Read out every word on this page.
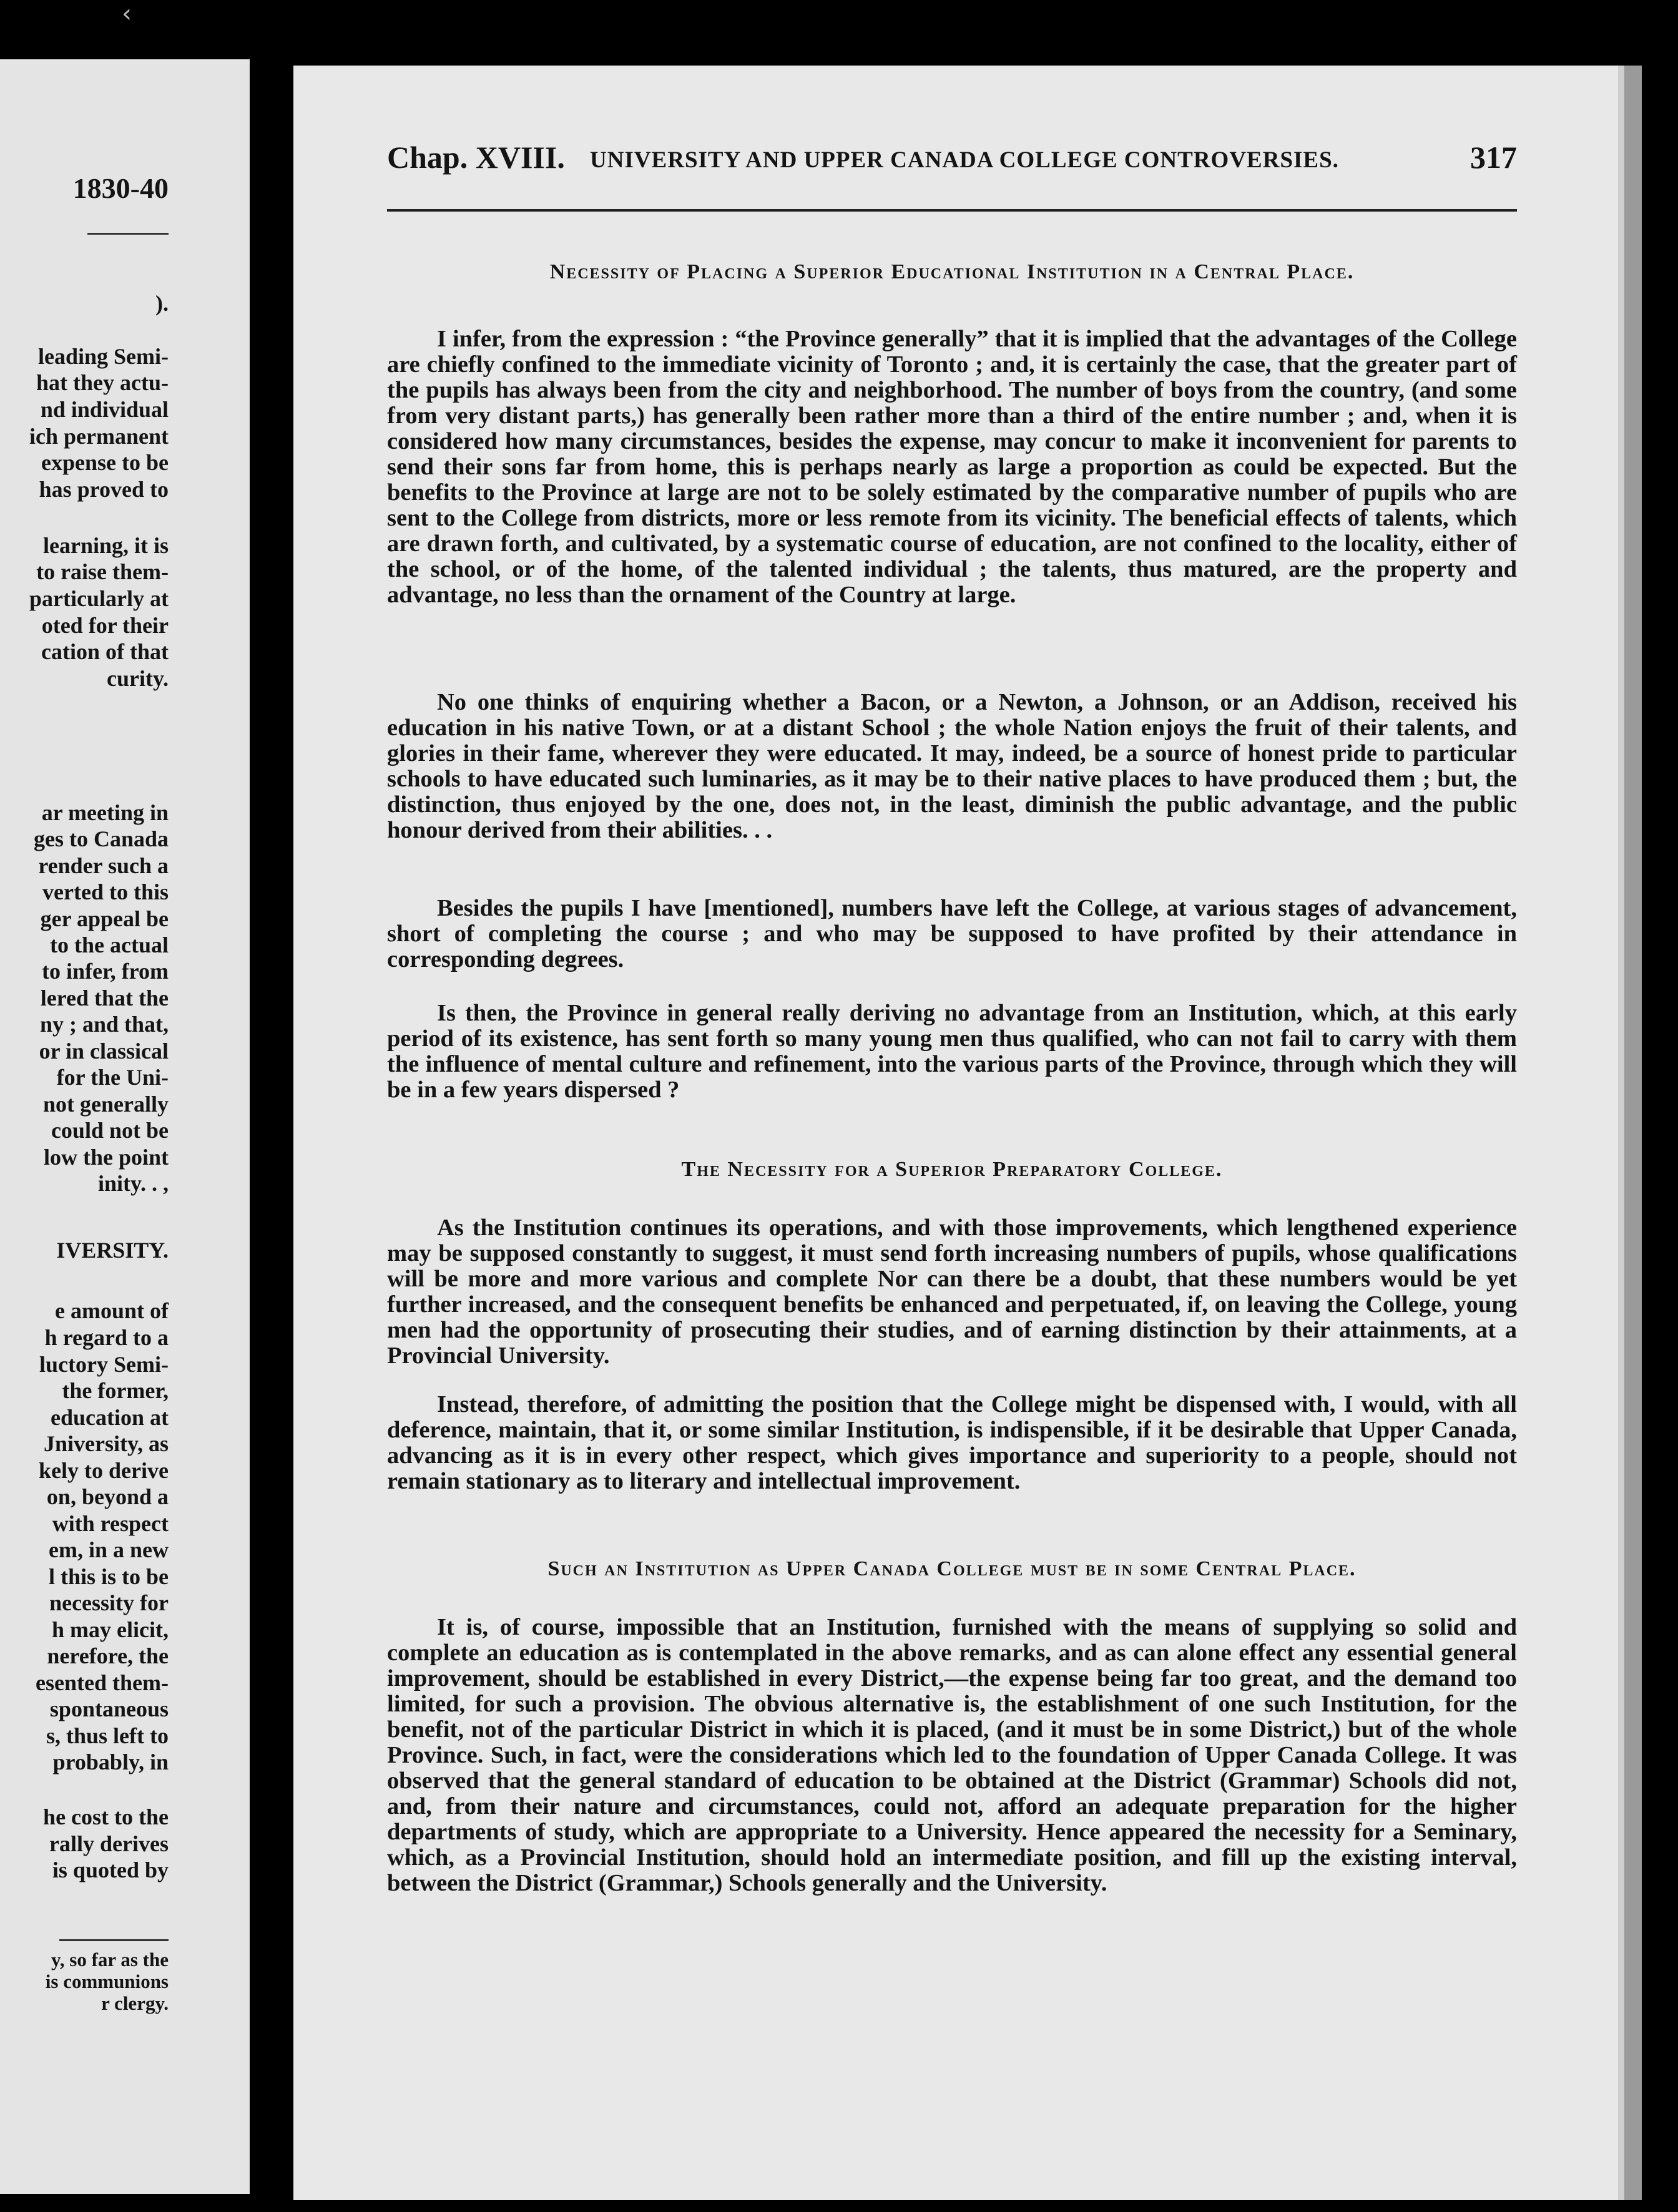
‹
1830-40
).
leading Semi-
hat they actu-
nd individual
ich permanent
expense to be
has proved to
learning, it is
to raise them-
particularly at
oted for their
cation of that
curity.
ar meeting in
ges to Canada
render such a
verted to this
ger appeal be
to the actual
to infer, from
lered that the
ny ; and that,
or in classical
for the Uni-
not generally
could not be
low the point
inity. . ,
IVERSITY.
e amount of
h regard to a
luctory Semi-
the former,
education at
Jniversity, as
kely to derive
on, beyond a
with respect
em, in a new
l this is to be
necessity for
h may elicit,
nerefore, the
esented them-
spontaneous
s, thus left to
probably, in
he cost to the
rally derives
is quoted by
y, so far as the
is communions
r clergy.
Chap. XVIII. UNIVERSITY AND UPPER CANADA COLLEGE CONTROVERSIES.	317
Necessity of Placing a Superior Educational Institution in a Central Place.
I infer, from the expression : “the Province generally” that it is implied that the advantages of the College are chiefly confined to the immediate vicinity of Toronto ; and, it is certainly the case, that the greater part of the pupils has always been from the city and neighborhood. The number of boys from the country, (and some from very distant parts,) has generally been rather more than a third of the entire number ; and, when it is considered how many circumstances, besides the expense, may concur to make it inconvenient for parents to send their sons far from home, this is perhaps nearly as large a proportion as could be expected. But the benefits to the Province at large are not to be solely estimated by the comparative number of pupils who are sent to the College from districts, more or less remote from its vicinity. The beneficial effects of talents, which are drawn forth, and cultivated, by a systematic course of education, are not confined to the locality, either of the school, or of the home, of the talented individual ; the talents, thus matured, are the property and advantage, no less than the ornament of the Country at large.
No one thinks of enquiring whether a Bacon, or a Newton, a Johnson, or an Addison, received his education in his native Town, or at a distant School ; the whole Nation enjoys the fruit of their talents, and glories in their fame, wherever they were educated. It may, indeed, be a source of honest pride to particular schools to have educated such luminaries, as it may be to their native places to have produced them ; but, the distinction, thus enjoyed by the one, does not, in the least, diminish the public advantage, and the public honour derived from their abilities. . .
Besides the pupils I have [mentioned], numbers have left the College, at various stages of advancement, short of completing the course ; and who may be supposed to have profited by their attendance in corresponding degrees.
Is then, the Province in general really deriving no advantage from an Institution, which, at this early period of its existence, has sent forth so many young men thus qualified, who can not fail to carry with them the influence of mental culture and refinement, into the various parts of the Province, through which they will be in a few years dispersed ?
The Necessity for a Superior Preparatory College.
As the Institution continues its operations, and with those improvements, which lengthened experience may be supposed constantly to suggest, it must send forth increasing numbers of pupils, whose qualifications will be more and more various and complete Nor can there be a doubt, that these numbers would be yet further increased, and the consequent benefits be enhanced and perpetuated, if, on leaving the College, young men had the opportunity of prosecuting their studies, and of earning distinction by their attainments, at a Provincial University.
Instead, therefore, of admitting the position that the College might be dispensed with, I would, with all deference, maintain, that it, or some similar Institution, is indispensible, if it be desirable that Upper Canada, advancing as it is in every other respect, which gives importance and superiority to a people, should not remain stationary as to literary and intellectual improvement.
Such an Institution as Upper Canada College must be in some Central Place.
It is, of course, impossible that an Institution, furnished with the means of supplying so solid and complete an education as is contemplated in the above remarks, and as can alone effect any essential general improvement, should be established in every District,—the expense being far too great, and the demand too limited, for such a provision. The obvious alternative is, the establishment of one such Institution, for the benefit, not of the particular District in which it is placed, (and it must be in some District,) but of the whole Province. Such, in fact, were the considerations which led to the foundation of Upper Canada College. It was observed that the general standard of education to be obtained at the District (Grammar) Schools did not, and, from their nature and circumstances, could not, afford an adequate preparation for the higher departments of study, which are appropriate to a University. Hence appeared the necessity for a Seminary, which, as a Provincial Institution, should hold an intermediate position, and fill up the existing interval, between the District (Grammar,) Schools generally and the University.
